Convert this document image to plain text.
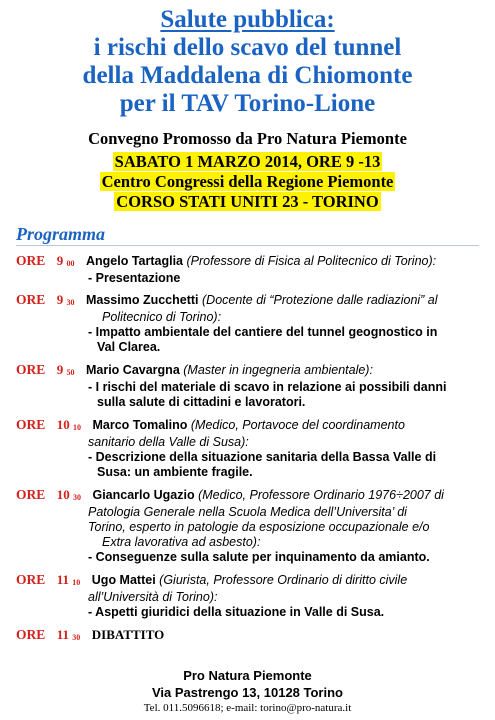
Salute pubblica:
i rischi dello scavo del tunnel
della Maddalena di Chiomonte
per il TAV Torino-Lione
Convegno Promosso da Pro Natura Piemonte
SABATO 1 MARZO 2014, ORE 9 -13
Centro Congressi della Regione Piemonte
CORSO STATI UNITI 23 - TORINO
Programma
ORE 9 $_{00}$ Angelo Tartaglia (Professore di Fisica al Politecnico di Torino):
- Presentazione
ORE 9 $_{30}$ Massimo Zucchetti (Docente di “Protezione dalle radiazioni” al
Politecnico di Torino):
- Impatto ambientale del cantiere del tunnel geognostico in
Val Clarea.
ORE 9 $_{50}$ Mario Cavargna (Master in ingegneria ambientale):
- I rischi del materiale di scavo in relazione ai possibili danni
sulla salute di cittadini e lavoratori.
ORE 10 $_{10}$ Marco Tomalino (Medico, Portavoce del coordinamento
sanitario della Valle di Susa):
- Descrizione della situazione sanitaria della Bassa Valle di
Susa: un ambiente fragile.
ORE 10 $_{30}$ Giancarlo Ugazio (Medico, Professore Ordinario 1976÷2007 di
Patologia Generale nella Scuola Medica dell’Universita’ di
Torino, esperto in patologie da esposizione occupazionale e/o
Extra lavorativa ad asbesto):
- Conseguenze sulla salute per inquinamento da amianto.
ORE 11 $_{10}$ Ugo Mattei (Giurista, Professore Ordinario di diritto civile
all’Università di Torino):
- Aspetti giuridici della situazione in Valle di Susa.
ORE 11 $_{30}$ DIBATTITO
Pro Natura Piemonte
Via Pastrengo 13, 10128 Torino
Tel. 011.5096618; e-mail: torino@pro-natura.it
